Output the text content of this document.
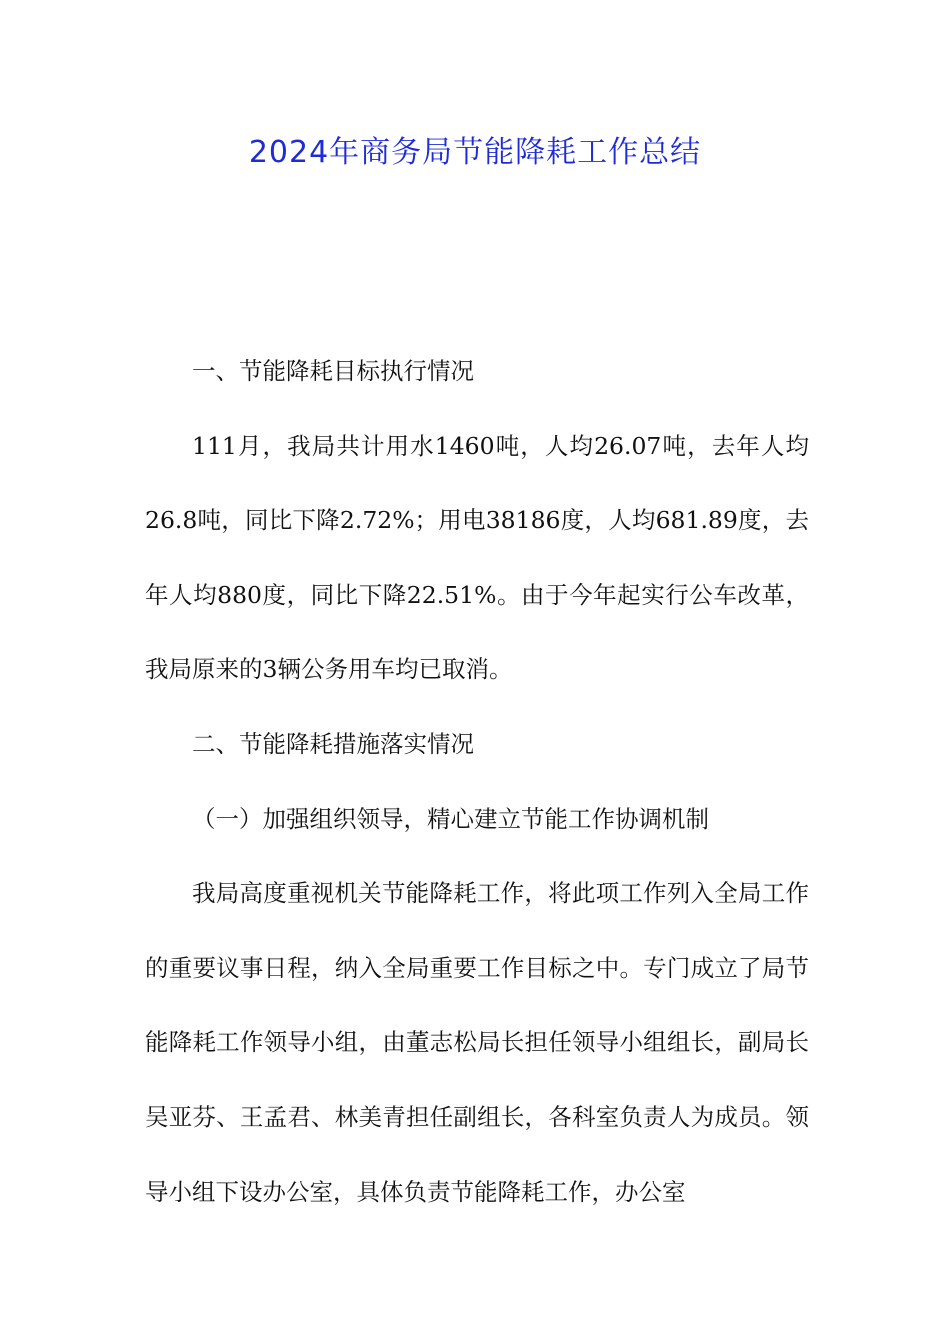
2024年商务局节能降耗工作总结

一、节能降耗目标执行情况

111月，我局共计用水1460吨，人均26.07吨，去年人均26.8吨，同比下降2.72%；用电38186度，人均681.89度，去年人均880度，同比下降22.51%。由于今年起实行公车改革，我局原来的3辆公务用车均已取消。

二、节能降耗措施落实情况

（一）加强组织领导，精心建立节能工作协调机制

我局高度重视机关节能降耗工作，将此项工作列入全局工作的重要议事日程，纳入全局重要工作目标之中。专门成立了局节能降耗工作领导小组，由董志松局长担任领导小组组长，副局长吴亚芬、王孟君、林美青担任副组长，各科室负责人为成员。领导小组下设办公室，具体负责节能降耗工作，办公室
